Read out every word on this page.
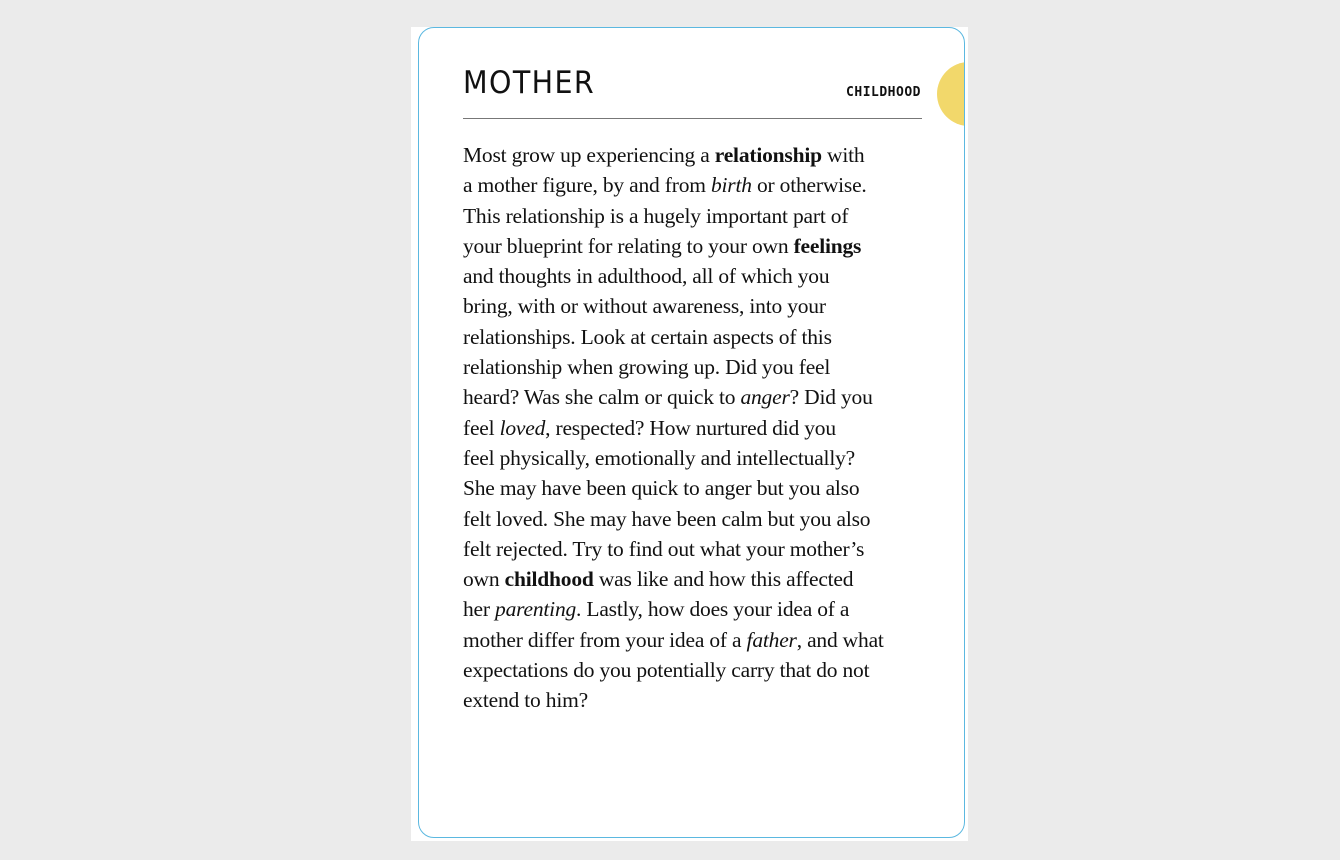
MOTHER	CHILDHOOD
Most grow up experiencing a relationship with
a mother figure, by and from birth or otherwise.
This relationship is a hugely important part of
your blueprint for relating to your own feelings
and thoughts in adulthood, all of which you
bring, with or without awareness, into your
relationships. Look at certain aspects of this
relationship when growing up. Did you feel
heard? Was she calm or quick to anger? Did you
feel loved, respected? How nurtured did you
feel physically, emotionally and intellectually?
She may have been quick to anger but you also
felt loved. She may have been calm but you also
felt rejected. Try to find out what your mother’s
own childhood was like and how this affected
her parenting. Lastly, how does your idea of a
mother differ from your idea of a father, and what
expectations do you potentially carry that do not
extend to him?
